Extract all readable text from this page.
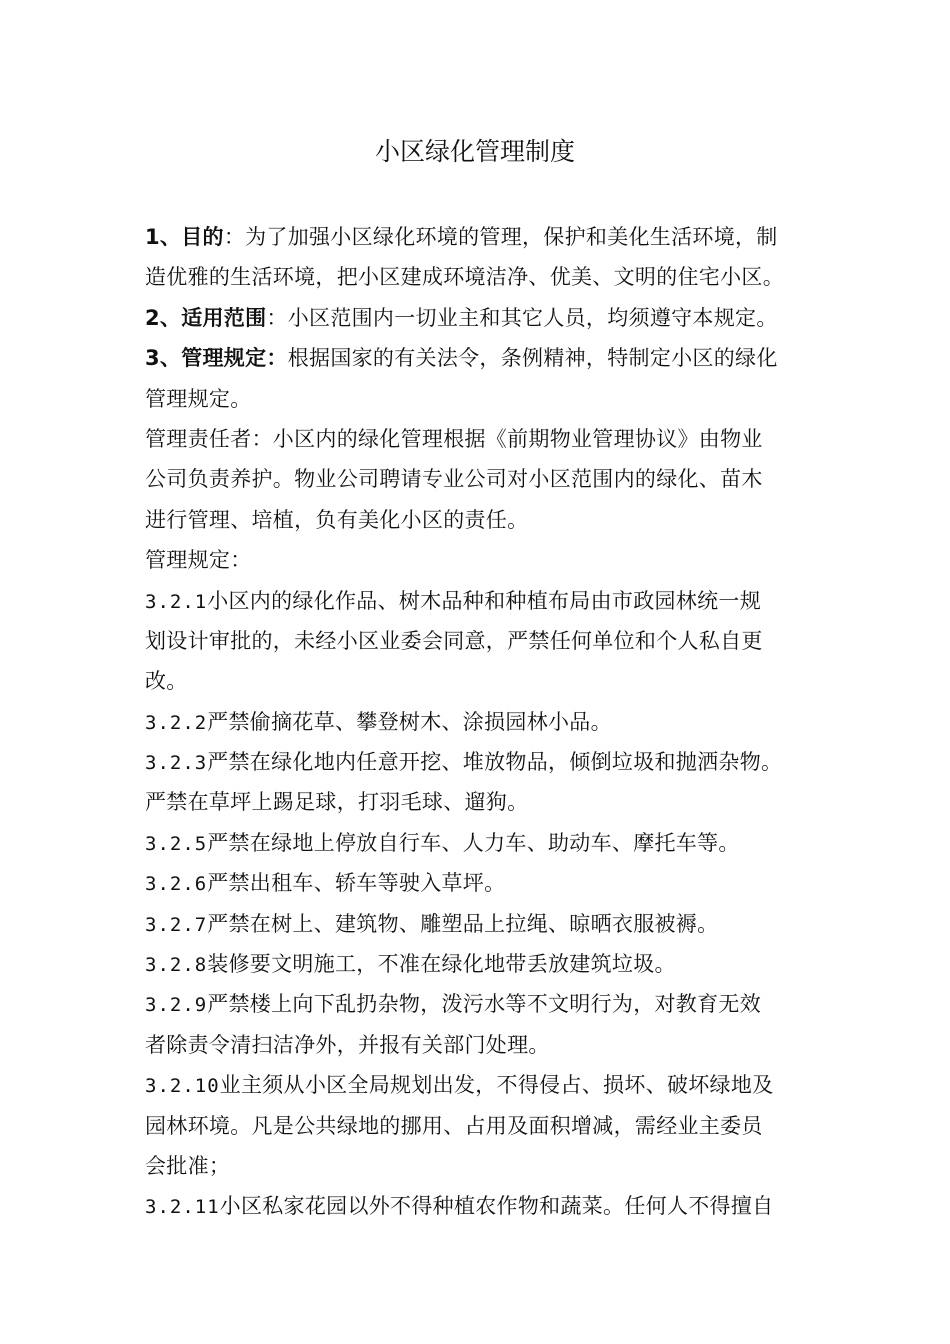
小区绿化管理制度
1、目的：为了加强小区绿化环境的管理，保护和美化生活环境，制
造优雅的生活环境，把小区建成环境洁净、优美、文明的住宅小区。
2、适用范围：小区范围内一切业主和其它人员，均须遵守本规定。
3、管理规定：根据国家的有关法令，条例精神，特制定小区的绿化
管理规定。
管理责任者：小区内的绿化管理根据《前期物业管理协议》由物业
公司负责养护。物业公司聘请专业公司对小区范围内的绿化、苗木
进行管理、培植，负有美化小区的责任。
管理规定：
3.2.1小区内的绿化作品、树木品种和种植布局由市政园林统一规
划设计审批的，未经小区业委会同意，严禁任何单位和个人私自更
改。
3.2.2严禁偷摘花草、攀登树木、涂损园林小品。
3.2.3严禁在绿化地内任意开挖、堆放物品，倾倒垃圾和抛洒杂物。
严禁在草坪上踢足球，打羽毛球、遛狗。
3.2.5严禁在绿地上停放自行车、人力车、助动车、摩托车等。
3.2.6严禁出租车、轿车等驶入草坪。
3.2.7严禁在树上、建筑物、雕塑品上拉绳、晾晒衣服被褥。
3.2.8装修要文明施工，不准在绿化地带丢放建筑垃圾。
3.2.9严禁楼上向下乱扔杂物，泼污水等不文明行为，对教育无效
者除责令清扫洁净外，并报有关部门处理。
3.2.10业主须从小区全局规划出发，不得侵占、损坏、破坏绿地及
园林环境。凡是公共绿地的挪用、占用及面积增减，需经业主委员
会批准；
3.2.11小区私家花园以外不得种植农作物和蔬菜。任何人不得擅自
